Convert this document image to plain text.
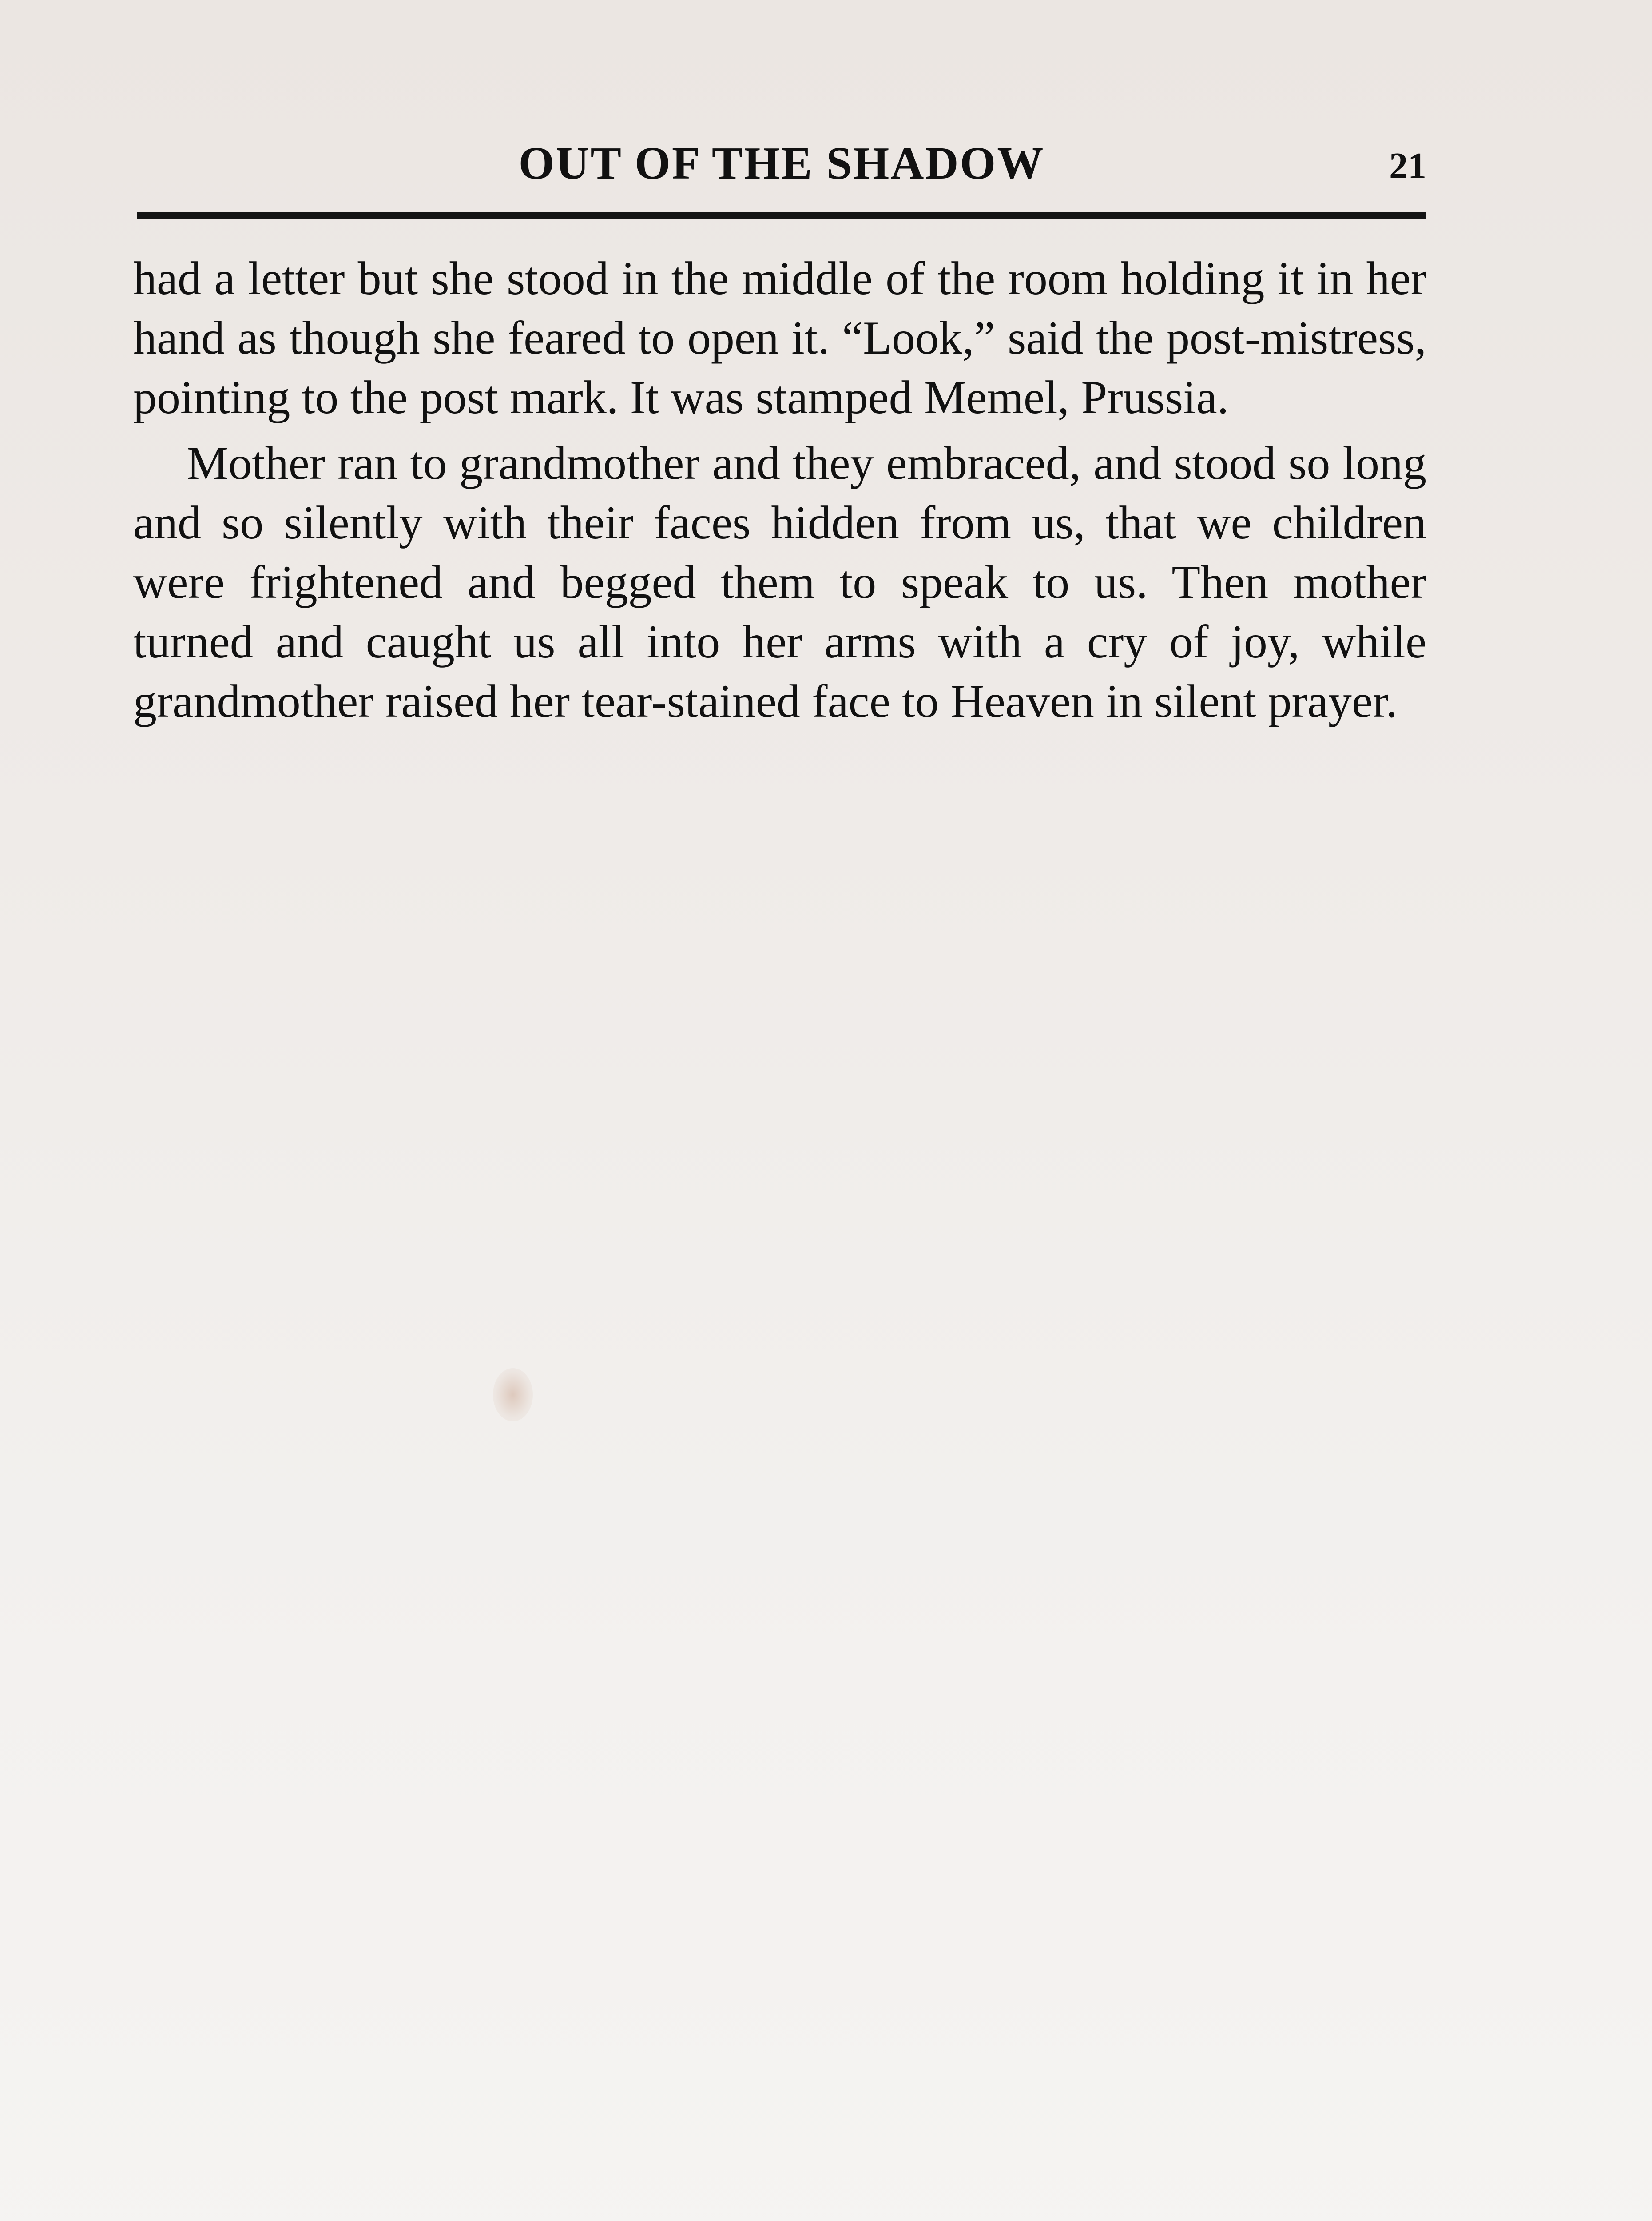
OUT OF THE SHADOW	21

had a letter but she stood in the middle of the room holding it in her hand as though she feared to open it. “Look,” said the post-mistress, pointing to the post mark. It was stamped Memel, Prussia.

Mother ran to grandmother and they embraced, and stood so long and so silently with their faces hidden from us, that we children were frightened and begged them to speak to us. Then mother turned and caught us all into her arms with a cry of joy, while grandmother raised her tear-stained face to Heaven in silent prayer.
